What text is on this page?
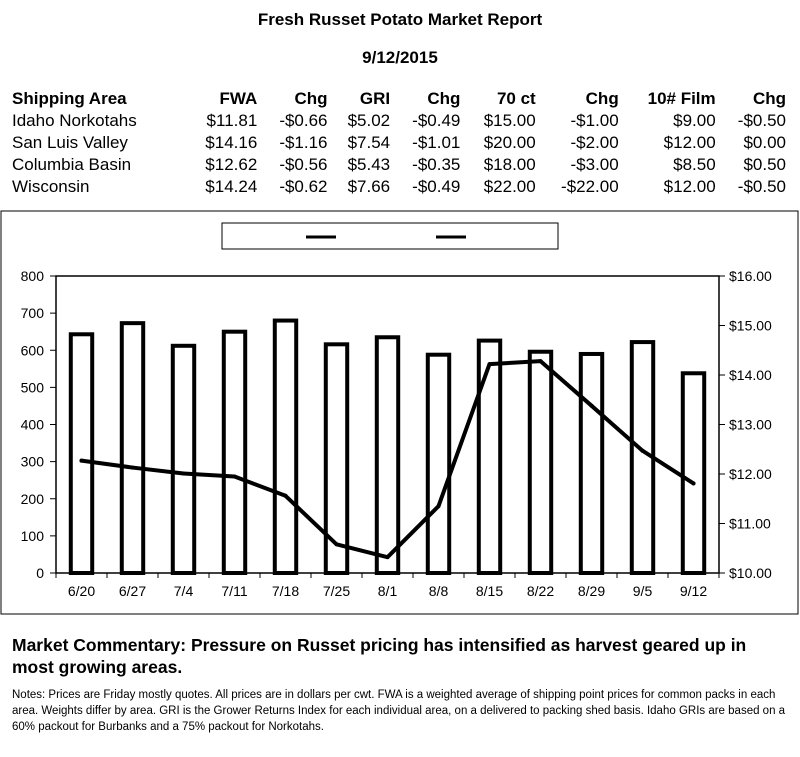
Fresh Russet Potato Market Report
9/12/2015
Shipping Area	FWA	Chg	GRI	Chg	70 ct	Chg	10# Film	Chg
Idaho Norkotahs	$11.81	-$0.66	$5.02	-$0.49	$15.00	-$1.00	$9.00	-$0.50
San Luis Valley	$14.16	-$1.16	$7.54	-$1.01	$20.00	-$2.00	$12.00	$0.00
Columbia Basin	$12.62	-$0.56	$5.43	-$0.35	$18.00	-$3.00	$8.50	$0.50
Wisconsin	$14.24	-$0.62	$7.66	-$0.49	$22.00	-$22.00	$12.00	-$0.50
0
100
200
300
400
500
600
700
800
$10.00
$11.00
$12.00
$13.00
$14.00
$15.00
$16.00
6/20 6/27 7/4 7/11 7/18 7/25 8/1 8/8 8/15 8/22 8/29 9/5 9/12
Market Commentary: Pressure on Russet pricing has intensified as harvest geared up in most growing areas.
Notes: Prices are Friday mostly quotes. All prices are in dollars per cwt. FWA is a weighted average of shipping point prices for common packs in each area. Weights differ by area. GRI is the Grower Returns Index for each individual area, on a delivered to packing shed basis. Idaho GRIs are based on a 60% packout for Burbanks and a 75% packout for Norkotahs.
